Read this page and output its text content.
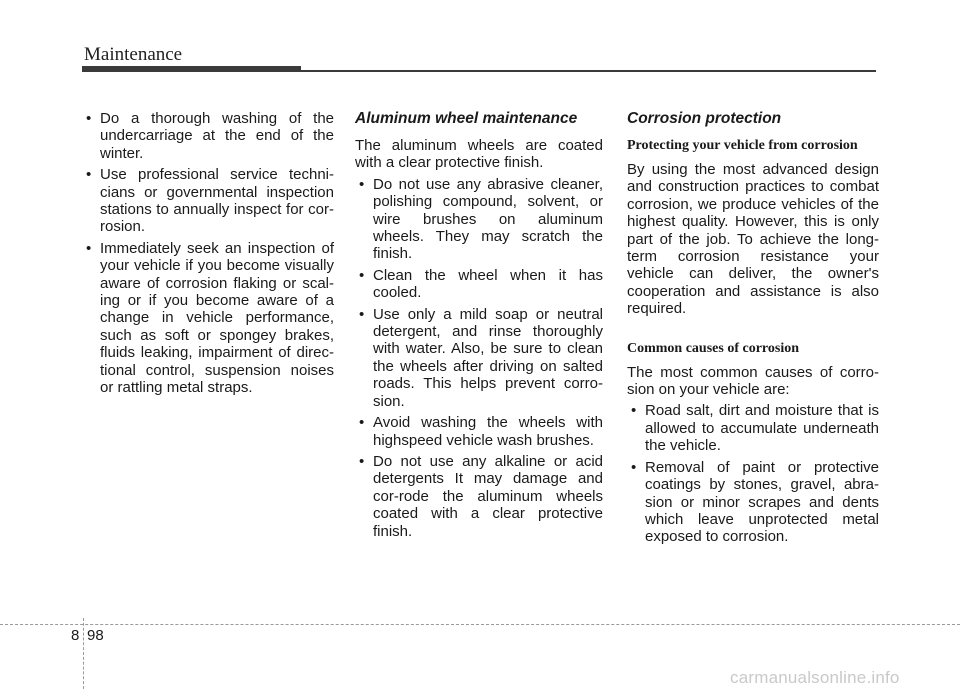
Maintenance
• Do a thorough washing of the undercarriage at the end of the winter.
• Use professional service techni-cians or governmental inspection stations to annually inspect for cor-rosion.
• Immediately seek an inspection of your vehicle if you become visually aware of corrosion flaking or scal-ing or if you become aware of a change in vehicle performance, such as soft or spongey brakes, fluids leaking, impairment of direc-tional control, suspension noises or rattling metal straps.
Aluminum wheel maintenance

The aluminum wheels are coated with a clear protective finish.

• Do not use any abrasive cleaner, polishing compound, solvent, or wire brushes on aluminum wheels. They may scratch the finish.
• Clean the wheel when it has cooled.
• Use only a mild soap or neutral detergent, and rinse thoroughly with water. Also, be sure to clean the wheels after driving on salted roads. This helps prevent corro-sion.
• Avoid washing the wheels with highspeed vehicle wash brushes.
• Do not use any alkaline or acid detergents It may damage and cor-rode the aluminum wheels coated with a clear protective finish.
Corrosion protection
Protecting your vehicle from corrosion

By using the most advanced design and construction practices to combat corrosion, we produce vehicles of the highest quality. However, this is only part of the job. To achieve the long-term corrosion resistance your vehicle can deliver, the owner's cooperation and assistance is also required.

Common causes of corrosion

The most common causes of corro-sion on your vehicle are:

• Road salt, dirt and moisture that is allowed to accumulate underneath the vehicle.
• Removal of paint or protective coatings by stones, gravel, abra-sion or minor scrapes and dents which leave unprotected metal exposed to corrosion.
8 98
carmanualsonline.info
